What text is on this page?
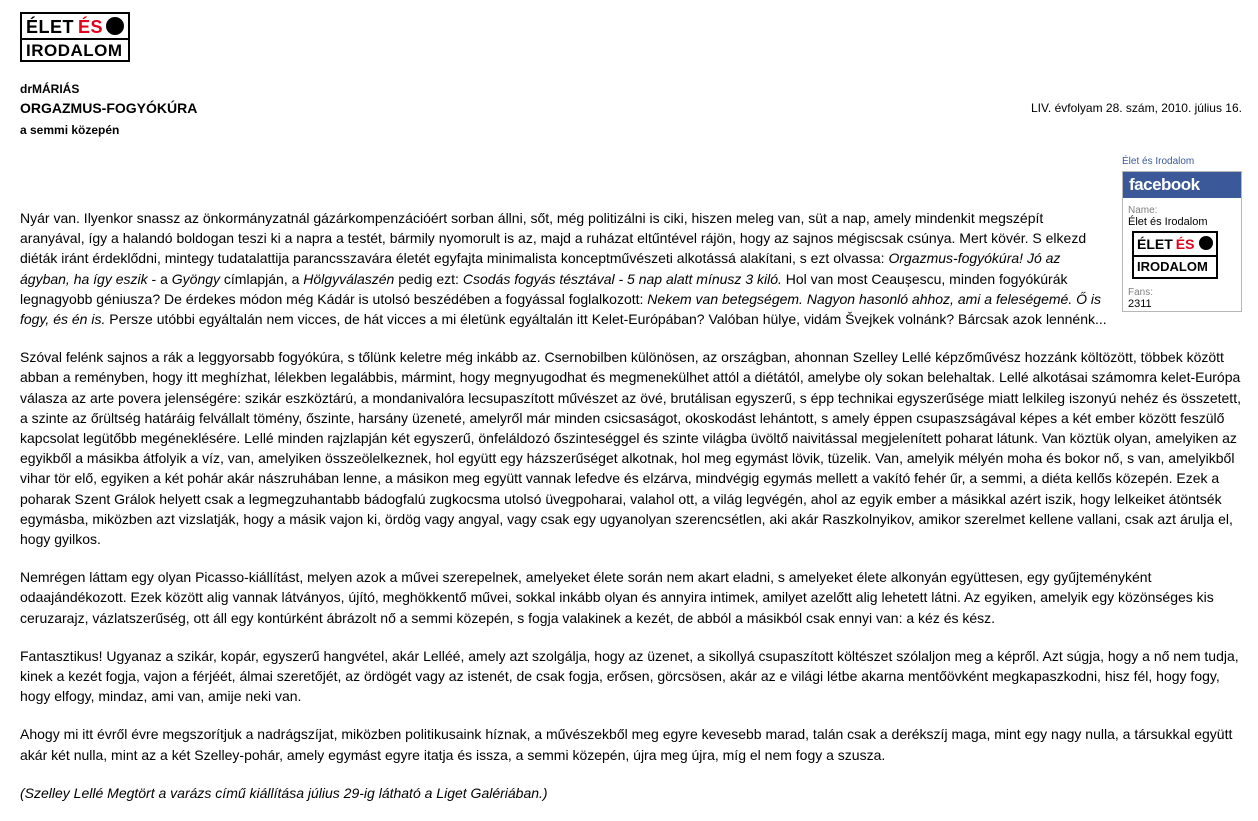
ÉLET ÉS
IRODALOM
drMÁRIÁS
ORGAZMUS-FOGYÓKÚRA
a semmi közepén
LIV. évfolyam 28. szám, 2010. július 16.
Élet és Irodalom
facebook
Name:
Élet és Irodalom
ÉLET ÉS
IRODALOM
Fans:
2311

Nyár van. Ilyenkor snassz az önkormányzatnál gázárkompenzációért sorban állni, sőt, még politizálni is ciki, hiszen meleg van, süt a nap, amely mindenkit megszépít aranyával, így a halandó boldogan teszi ki a napra a testét, bármily nyomorult is az, majd a ruházat eltűntével rájön, hogy az sajnos mégiscsak csúnya. Mert kövér. S elkezd diéták iránt érdeklődni, mintegy tudatalattija parancsszavára életét egyfajta minimalista konceptművészeti alkotássá alakítani, s ezt olvassa: Orgazmus-fogyókúra! Jó az ágyban, ha így eszik - a Gyöngy címlapján, a Hölgyválaszén pedig ezt: Csodás fogyás tésztával - 5 nap alatt mínusz 3 kiló. Hol van most Ceaușescu, minden fogyókúrák legnagyobb géniusza? De érdekes módon még Kádár is utolsó beszédében a fogyással foglalkozott: Nekem van betegségem. Nagyon hasonló ahhoz, ami a feleségemé. Ő is fogy, és én is. Persze utóbbi egyáltalán nem vicces, de hát vicces a mi életünk egyáltalán itt Kelet-Európában? Valóban hülye, vidám Švejkek volnánk? Bárcsak azok lennénk...

Szóval felénk sajnos a rák a leggyorsabb fogyókúra, s tőlünk keletre még inkább az. Csernobilben különösen, az országban, ahonnan Szelley Lellé képzőművész hozzánk költözött, többek között abban a reményben, hogy itt meghízhat, lélekben legalábbis, mármint, hogy megnyugodhat és megmenekülhet attól a diétától, amelybe oly sokan belehaltak. Lellé alkotásai számomra kelet-Európa válasza az arte povera jelenségére: szikár eszköztárú, a mondanivalóra lecsupaszított művészet az övé, brutálisan egyszerű, s épp technikai egyszerűsége miatt lelkileg iszonyú nehéz és összetett, a szinte az őrültség határáig felvállalt tömény, őszinte, harsány üzeneté, amelyről már minden csicsaságot, okoskodást lehántott, s amely éppen csupaszságával képes a két ember között feszülő kapcsolat legütőbb megéneklésére. Lellé minden rajzlapján két egyszerű, önfeláldozó őszinteséggel és szinte világba üvöltő naivitással megjelenített poharat látunk. Van köztük olyan, amelyiken az egyikből a másikba átfolyik a víz, van, amelyiken összeölelkeznek, hol együtt egy házszerűséget alkotnak, hol meg egymást lövik, tüzelik. Van, amelyik mélyén moha és bokor nő, s van, amelyikből vihar tör elő, egyiken a két pohár akár nászruhában lenne, a másikon meg együtt vannak lefedve és elzárva, mindvégig egymás mellett a vakító fehér űr, a semmi, a diéta kellős közepén. Ezek a poharak Szent Grálok helyett csak a legmegzuhantabb bádogfalú zugkocsma utolsó üvegpoharai, valahol ott, a világ legvégén, ahol az egyik ember a másikkal azért iszik, hogy lelkeiket átöntsék egymásba, miközben azt vizslatják, hogy a másik vajon ki, ördög vagy angyal, vagy csak egy ugyanolyan szerencsétlen, aki akár Raszkolnyikov, amikor szerelmet kellene vallani, csak azt árulja el, hogy gyilkos.

Nemrégen láttam egy olyan Picasso-kiállítást, melyen azok a művei szerepelnek, amelyeket élete során nem akart eladni, s amelyeket élete alkonyán együttesen, egy gyűjteményként odaajándékozott. Ezek között alig vannak látványos, újító, meghökkentő művei, sokkal inkább olyan és annyira intimek, amilyet azelőtt alig lehetett látni. Az egyiken, amelyik egy közönséges kis ceruzarajz, vázlatszerűség, ott áll egy kontúrként ábrázolt nő a semmi közepén, s fogja valakinek a kezét, de abból a másikból csak ennyi van: a kéz és kész.

Fantasztikus! Ugyanaz a szikár, kopár, egyszerű hangvétel, akár Lelléé, amely azt szolgálja, hogy az üzenet, a sikollyá csupaszított költészet szólaljon meg a képről. Azt súgja, hogy a nő nem tudja, kinek a kezét fogja, vajon a férjéét, álmai szeretőjét, az ördögét vagy az istenét, de csak fogja, erősen, görcsösen, akár az e világi létbe akarna mentőövként megkapaszkodni, hisz fél, hogy fogy, hogy elfogy, mindaz, ami van, amije neki van.

Ahogy mi itt évről évre megszorítjuk a nadrágszíjat, miközben politikusaink híznak, a művészekből meg egyre kevesebb marad, talán csak a derékszíj maga, mint egy nagy nulla, a társukkal együtt akár két nulla, mint az a két Szelley-pohár, amely egymást egyre itatja és issza, a semmi közepén, újra meg újra, míg el nem fogy a szusza.

(Szelley Lellé Megtört a varázs című kiállítása július 29-ig látható a Liget Galériában.)
